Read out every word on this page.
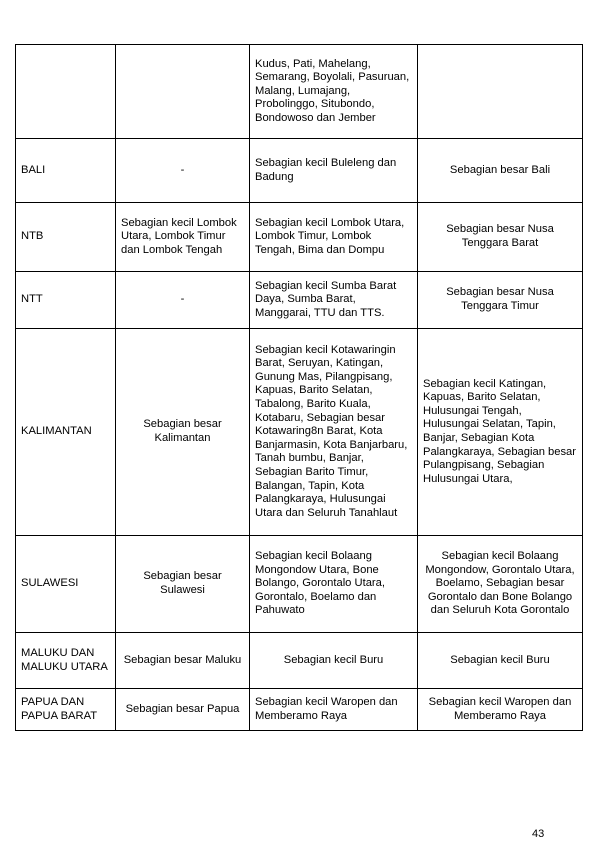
		Kudus, Pati, Mahelang, Semarang, Boyolali, Pasuruan, Malang, Lumajang, Probolinggo, Situbondo, Bondowoso dan Jember	
BALI	-	Sebagian kecil Buleleng dan Badung	Sebagian besar Bali
NTB	Sebagian kecil Lombok Utara, Lombok Timur dan Lombok Tengah	Sebagian kecil Lombok Utara, Lombok Timur, Lombok Tengah, Bima dan Dompu	Sebagian besar Nusa Tenggara Barat
NTT	-	Sebagian kecil Sumba Barat Daya, Sumba Barat, Manggarai, TTU dan TTS.	Sebagian besar Nusa Tenggara Timur
KALIMANTAN	Sebagian besar Kalimantan	Sebagian kecil Kotawaringin Barat, Seruyan, Katingan, Gunung Mas, Pilangpisang, Kapuas, Barito Selatan, Tabalong, Barito Kuala, Kotabaru, Sebagian besar Kotawaring8n Barat, Kota Banjarmasin, Kota Banjarbaru, Tanah bumbu, Banjar, Sebagian Barito Timur, Balangan, Tapin, Kota Palangkaraya, Hulusungai Utara dan Seluruh Tanahlaut	Sebagian kecil Katingan, Kapuas, Barito Selatan, Hulusungai Tengah, Hulusungai Selatan, Tapin, Banjar, Sebagian Kota Palangkaraya, Sebagian besar Pulangpisang, Sebagian Hulusungai Utara,
SULAWESI	Sebagian besar Sulawesi	Sebagian kecil Bolaang Mongondow Utara, Bone Bolango, Gorontalo Utara, Gorontalo, Boelamo dan Pahuwato	Sebagian kecil Bolaang Mongondow, Gorontalo Utara, Boelamo, Sebagian besar Gorontalo dan Bone Bolango dan Seluruh Kota Gorontalo
MALUKU DAN MALUKU UTARA	Sebagian besar Maluku	Sebagian kecil Buru	Sebagian kecil Buru
PAPUA DAN PAPUA BARAT	Sebagian besar Papua	Sebagian kecil Waropen dan Memberamo Raya	Sebagian kecil Waropen dan Memberamo Raya
43
